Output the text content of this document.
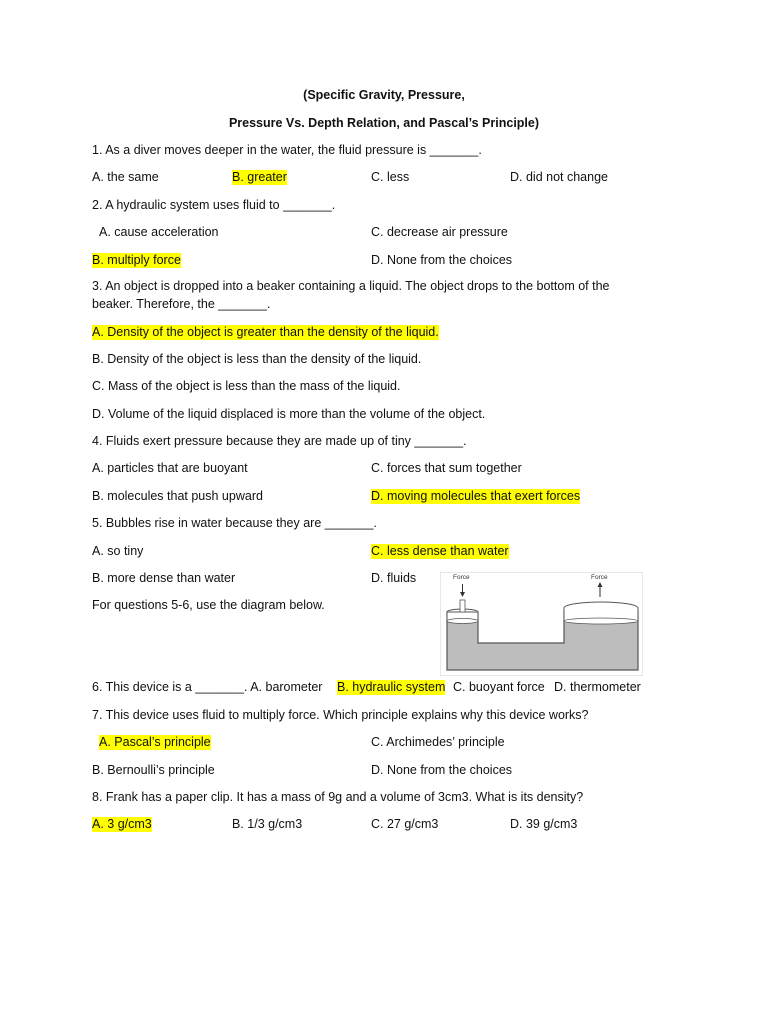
(Specific Gravity, Pressure,
Pressure Vs. Depth Relation, and Pascal’s Principle)
1. As a diver moves deeper in the water, the fluid pressure is _______.
A. the same	B. greater	C. less	D. did not change
2. A hydraulic system uses fluid to _______.
A. cause acceleration	C. decrease air pressure
B. multiply force	D. None from the choices
3. An object is dropped into a beaker containing a liquid. The object drops to the bottom of the
beaker. Therefore, the _______.
A. Density of the object is greater than the density of the liquid.
B. Density of the object is less than the density of the liquid.
C. Mass of the object is less than the mass of the liquid.
D. Volume of the liquid displaced is more than the volume of the object.
4. Fluids exert pressure because they are made up of tiny _______.
A. particles that are buoyant	C. forces that sum together
B. molecules that push upward	D. moving molecules that exert forces
5. Bubbles rise in water because they are _______.
A. so tiny	C. less dense than water
B. more dense than water	D. fluids
For questions 5-6, use the diagram below.
Force	Force
6. This device is a _______. A. barometer B. hydraulic system C. buoyant force D. thermometer
7. This device uses fluid to multiply force. Which principle explains why this device works?
A. Pascal’s principle	C. Archimedes’ principle
B. Bernoulli’s principle	D. None from the choices
8. Frank has a paper clip. It has a mass of 9g and a volume of 3cm3. What is its density?
A. 3 g/cm3	B. 1/3 g/cm3	C. 27 g/cm3	D. 39 g/cm3
